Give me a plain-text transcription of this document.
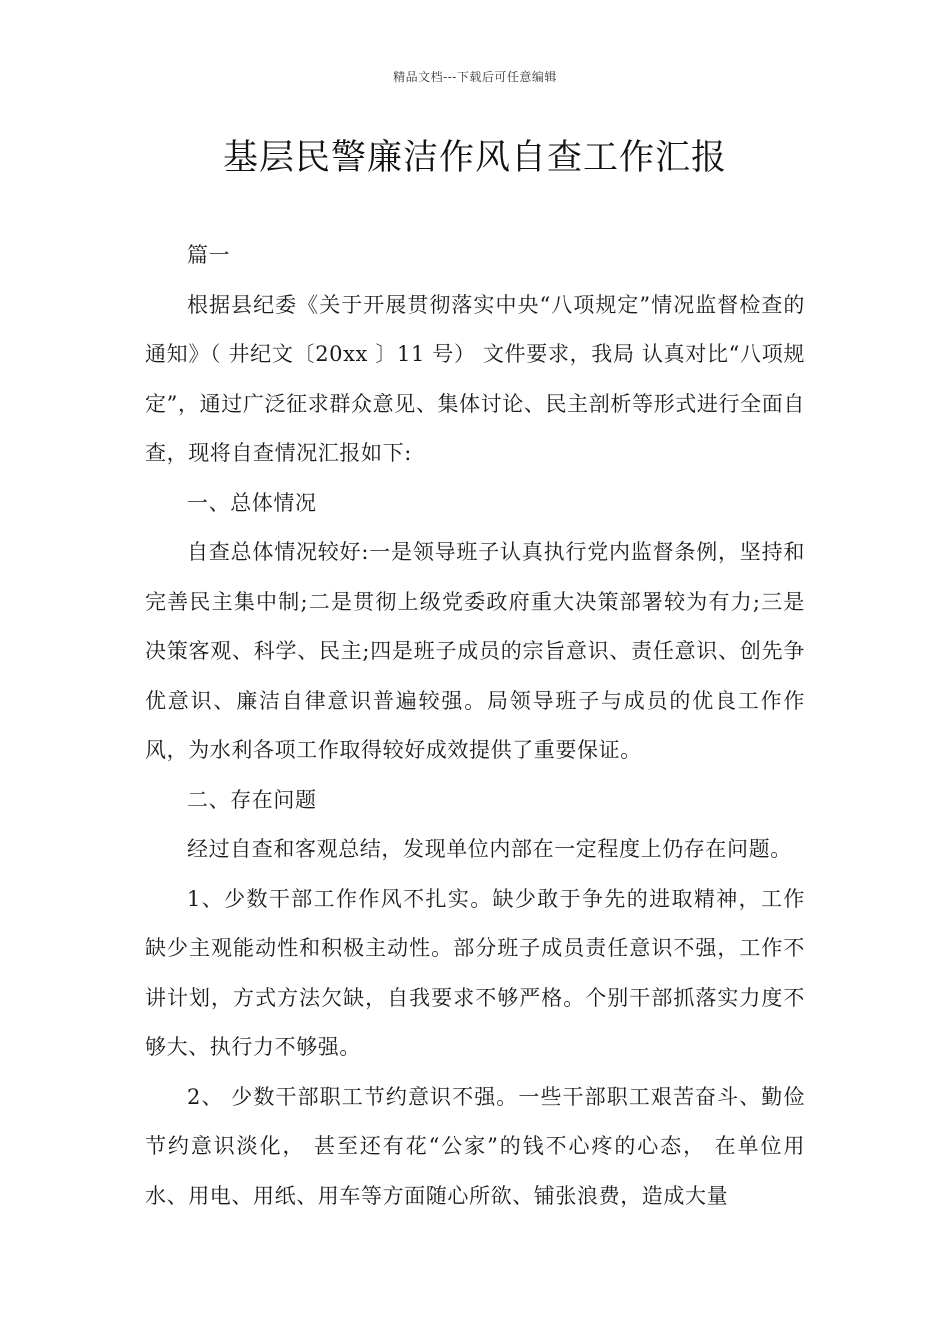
精品文档---下载后可任意编辑
基层民警廉洁作风自查工作汇报

篇一

根据县纪委《关于开展贯彻落实中央“八项规定”情况监督检查的通知》（ 井纪文〔20xx 〕11 号） 文件要求，我局 认真对比“八项规定”，通过广泛征求群众意见、集体讨论、民主剖析等形式进行全面自查，现将自查情况汇报如下:

一、总体情况

自查总体情况较好:一是领导班子认真执行党内监督条例，坚持和完善民主集中制;二是贯彻上级党委政府重大决策部署较为有力;三是决策客观、科学、民主;四是班子成员的宗旨意识、责任意识、创先争优意识、廉洁自律意识普遍较强。局领导班子与成员的优良工作作风，为水利各项工作取得较好成效提供了重要保证。

二、存在问题

经过自查和客观总结，发现单位内部在一定程度上仍存在问题。

1、少数干部工作作风不扎实。缺少敢于争先的进取精神，工作缺少主观能动性和积极主动性。部分班子成员责任意识不强，工作不讲计划，方式方法欠缺，自我要求不够严格。个别干部抓落实力度不够大、执行力不够强。

2、 少数干部职工节约意识不强。一些干部职工艰苦奋斗、勤俭节约意识淡化， 甚至还有花“公家”的钱不心疼的心态， 在单位用水、用电、用纸、用车等方面随心所欲、铺张浪费，造成大量
